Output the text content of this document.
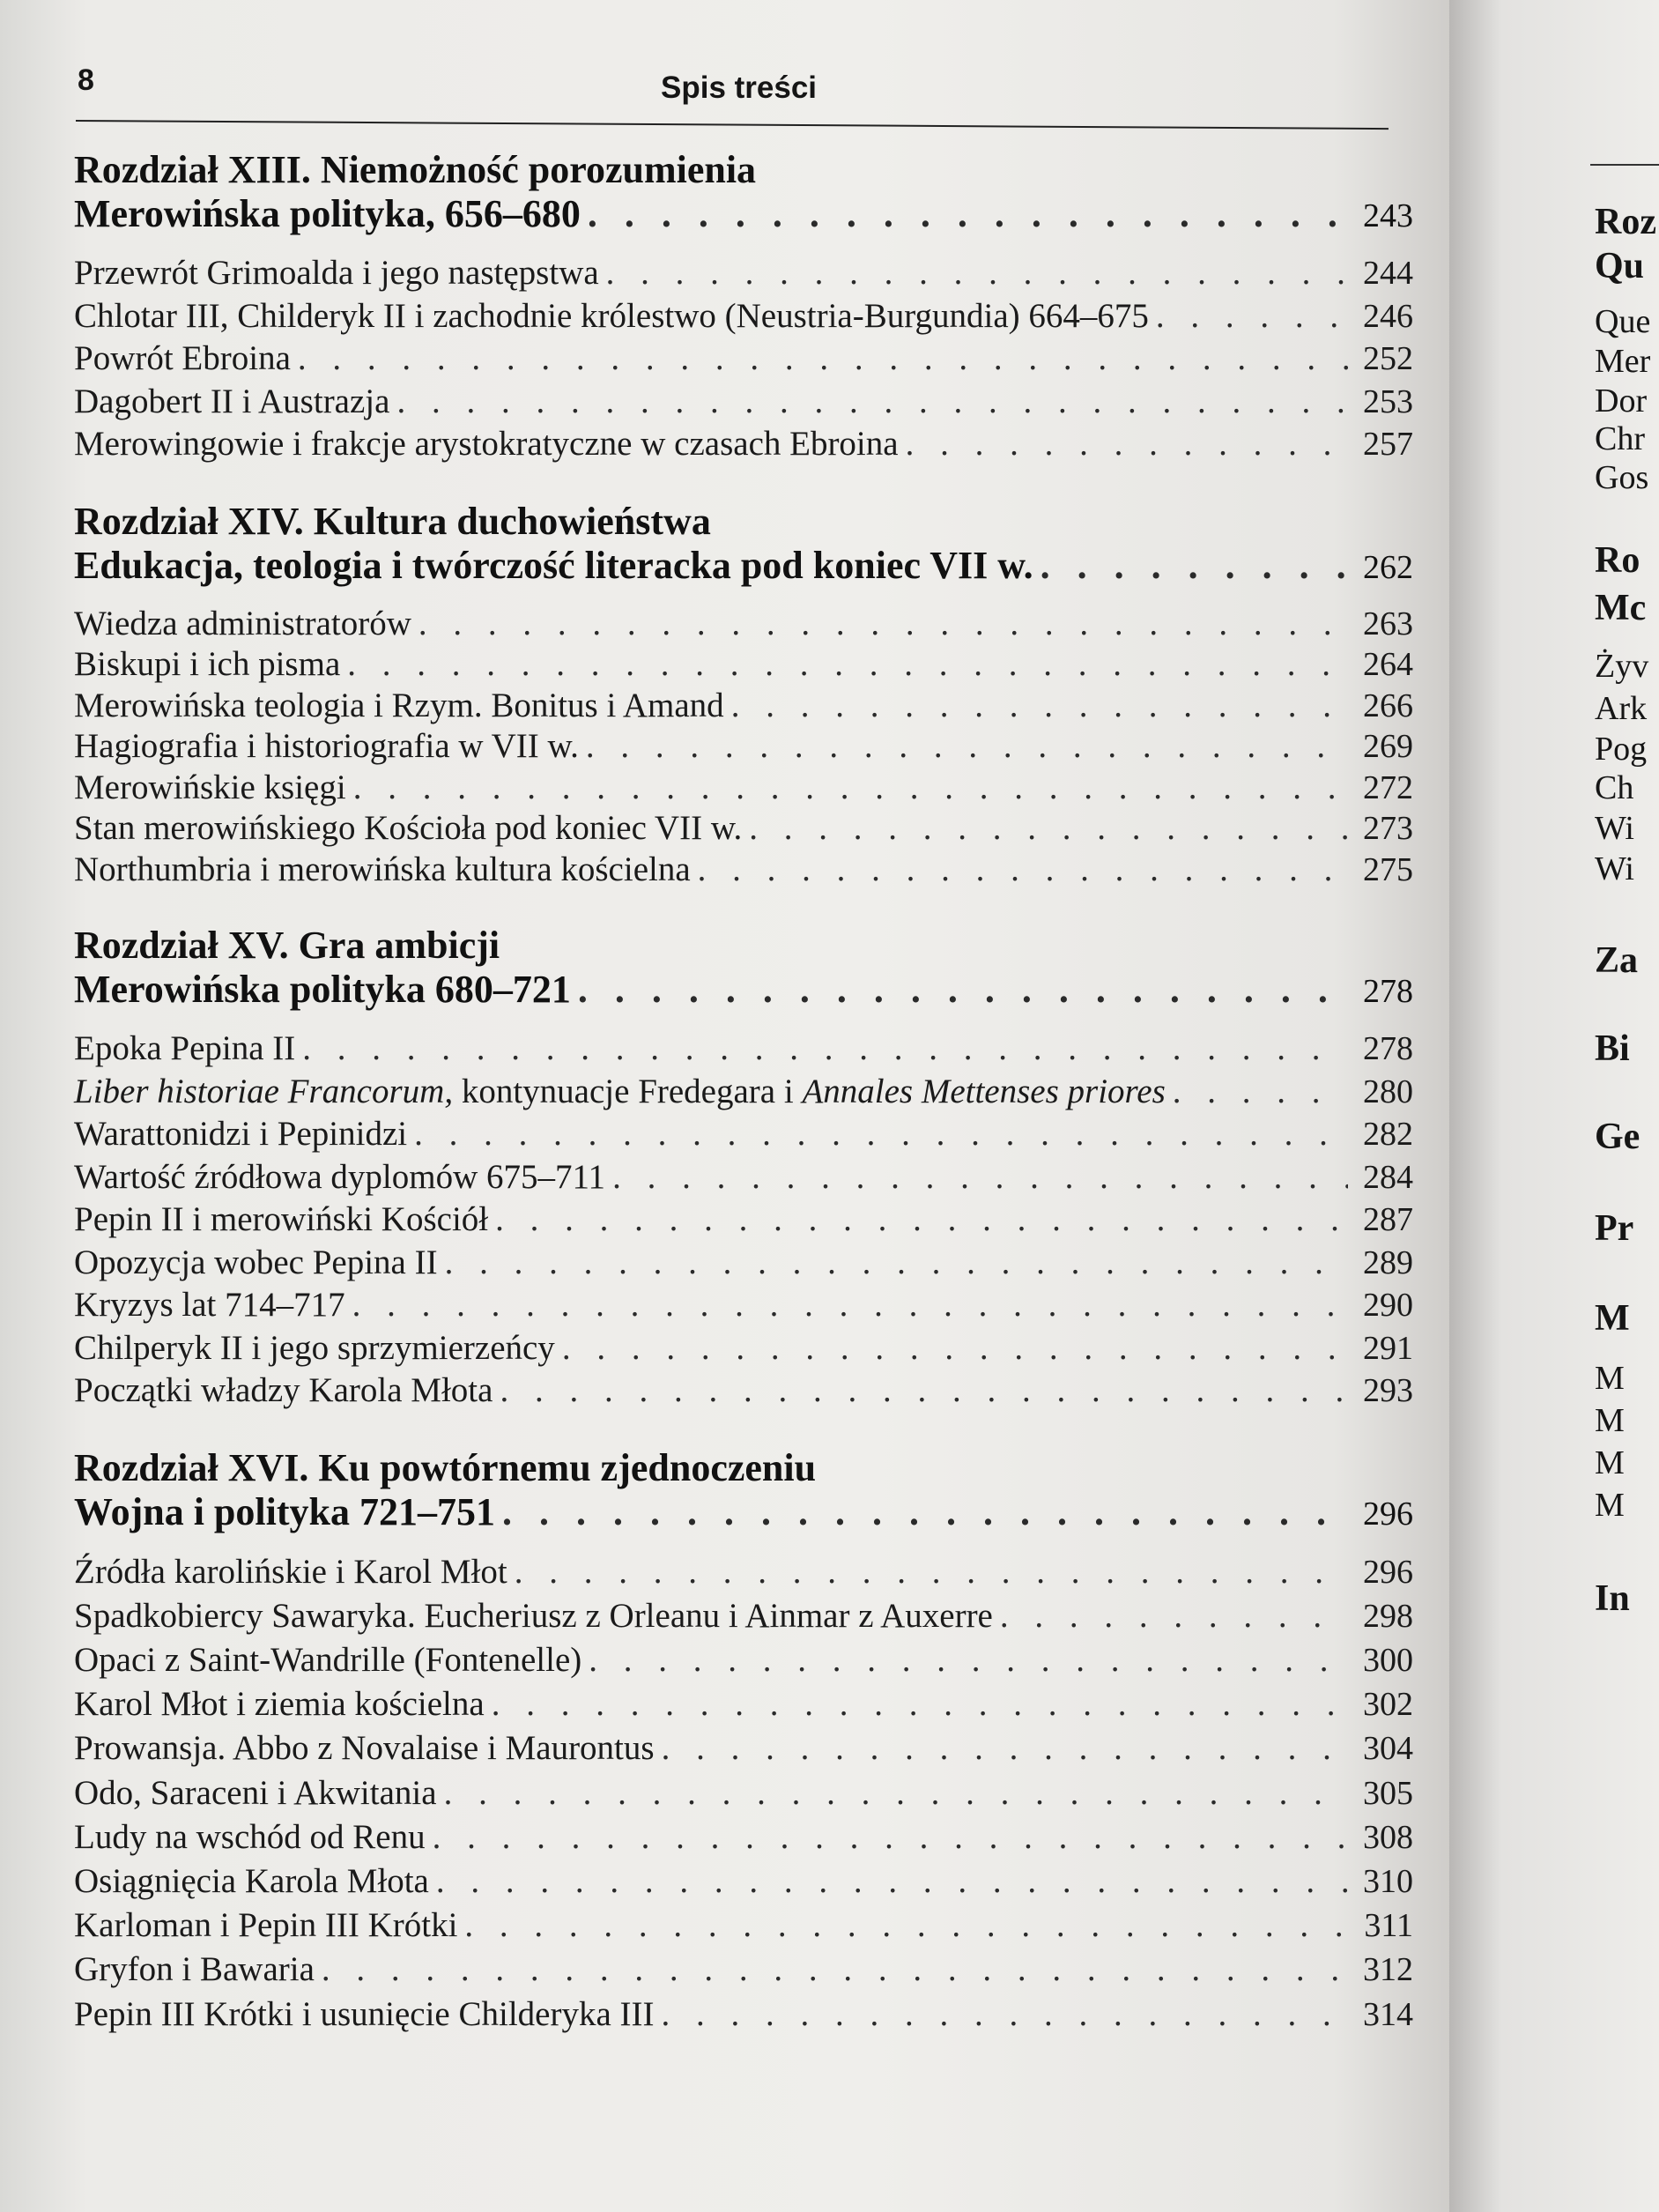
8	Spis treści
Rozdział XIII. Niemożność porozumienia
Merowińska polityka, 656–680 . . .	243
Przewrót Grimoalda i jego następstwa . . .	244
Chlotar III, Childeryk II i zachodnie królestwo (Neustria-Burgundia) 664–675 . . .	246
Powrót Ebroina . . .	252
Dagobert II i Austrazja . . .	253
Merowingowie i frakcje arystokratyczne w czasach Ebroina . . .	257
Rozdział XIV. Kultura duchowieństwa
Edukacja, teologia i twórczość literacka pod koniec VII w. . . .	262
Wiedza administratorów . . .	263
Biskupi i ich pisma . . .	264
Merowińska teologia i Rzym. Bonitus i Amand . . .	266
Hagiografia i historiografia w VII w. . . .	269
Merowińskie księgi . . .	272
Stan merowińskiego Kościoła pod koniec VII w. . . .	273
Northumbria i merowińska kultura kościelna . . .	275
Rozdział XV. Gra ambicji
Merowińska polityka 680–721 . . .	278
Epoka Pepina II . . .	278
Liber historiae Francorum, kontynuacje Fredegara i Annales Mettenses priores . . .	280
Warattonidzi i Pepinidzi . . .	282
Wartość źródłowa dyplomów 675–711 . . .	284
Pepin II i merowiński Kościół . . .	287
Opozycja wobec Pepina II . . .	289
Kryzys lat 714–717 . . .	290
Chilperyk II i jego sprzymierzeńcy . . .	291
Początki władzy Karola Młota . . .	293
Rozdział XVI. Ku powtórnemu zjednoczeniu
Wojna i polityka 721–751 . . .	296
Źródła karolińskie i Karol Młot . . .	296
Spadkobiercy Sawaryka. Eucheriusz z Orleanu i Ainmar z Auxerre . . .	298
Opaci z Saint-Wandrille (Fontenelle) . . .	300
Karol Młot i ziemia kościelna . . .	302
Prowansja. Abbo z Novalaise i Maurontus . . .	304
Odo, Saraceni i Akwitania . . .	305
Ludy na wschód od Renu . . .	308
Osiągnięcia Karola Młota . . .	310
Karloman i Pepin III Krótki . . .	311
Gryfon i Bawaria . . .	312
Pepin III Krótki i usunięcie Childeryka III . . .	314
Roz
Qu
Que
Mer
Dor
Chr
Gos
Ro
Mc
Żyv
Ark
Pog
Ch
Wi
Wi
Za
Bi
Ge
Pr
M
M
M
M
M
In
